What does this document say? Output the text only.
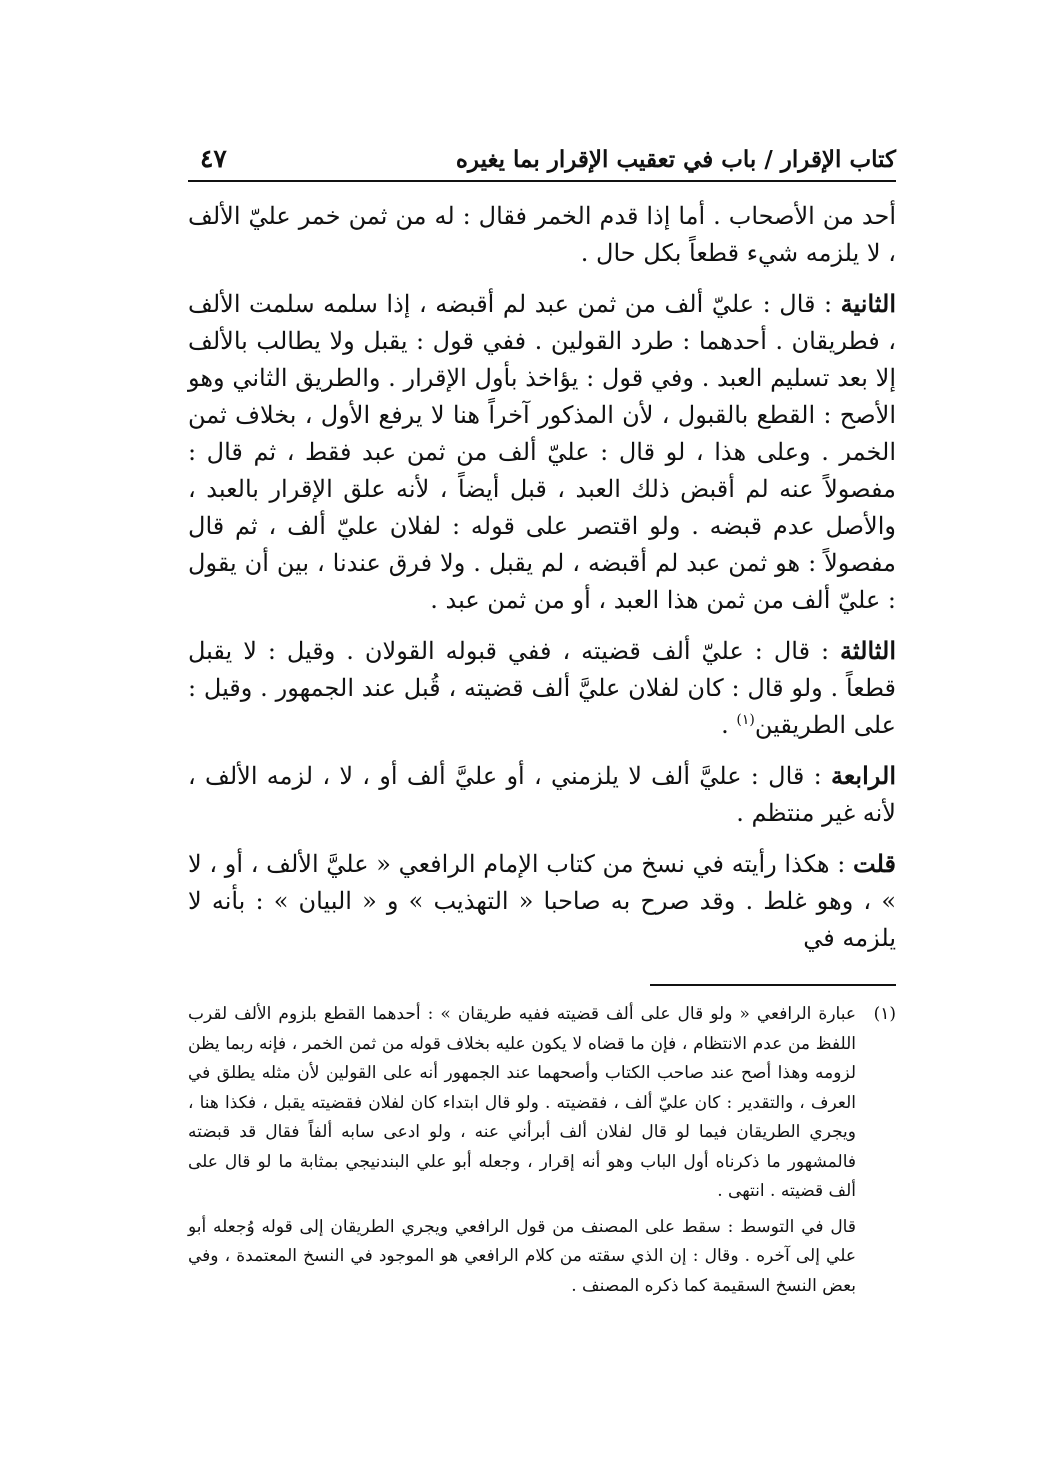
كتاب الإقرار / باب في تعقيب الإقرار بما يغيره
٤٧

أحد من الأصحاب . أما إذا قدم الخمر فقال : له من ثمن خمر عليّ الألف ، لا يلزمه شيء قطعاً بكل حال .

الثانية : قال : عليّ ألف من ثمن عبد لم أقبضه ، إذا سلمه سلمت الألف ، فطريقان . أحدهما : طرد القولين . ففي قول : يقبل ولا يطالب بالألف إلا بعد تسليم العبد . وفي قول : يؤاخذ بأول الإقرار . والطريق الثاني وهو الأصح : القطع بالقبول ، لأن المذكور آخراً هنا لا يرفع الأول ، بخلاف ثمن الخمر . وعلى هذا ، لو قال : عليّ ألف من ثمن عبد فقط ، ثم قال : مفصولاً عنه لم أقبض ذلك العبد ، قبل أيضاً ، لأنه علق الإقرار بالعبد ، والأصل عدم قبضه . ولو اقتصر على قوله : لفلان عليّ ألف ، ثم قال مفصولاً : هو ثمن عبد لم أقبضه ، لم يقبل . ولا فرق عندنا ، بين أن يقول : عليّ ألف من ثمن هذا العبد ، أو من ثمن عبد .

الثالثة : قال : عليّ ألف قضيته ، ففي قبوله القولان . وقيل : لا يقبل قطعاً . ولو قال : كان لفلان عليَّ ألف قضيته ، قُبل عند الجمهور . وقيل : على الطريقين$^{(١)}$ .

الرابعة : قال : عليَّ ألف لا يلزمني ، أو عليَّ ألف أو ، لا ، لزمه الألف ، لأنه غير منتظم .

قلت : هكذا رأيته في نسخ من كتاب الإمام الرافعي « عليَّ الألف ، أو ، لا » ، وهو غلط . وقد صرح به صاحبا « التهذيب » و « البيان » : بأنه لا يلزمه في

(١)

عبارة الرافعي « ولو قال على ألف قضيته ففيه طريقان » : أحدهما القطع بلزوم الألف لقرب اللفظ من عدم الانتظام ، فإن ما قضاه لا يكون عليه بخلاف قوله من ثمن الخمر ، فإنه ربما يظن لزومه وهذا أصح عند صاحب الكتاب وأصحهما عند الجمهور أنه على القولين لأن مثله يطلق في العرف ، والتقدير : كان عليّ ألف ، فقضيته . ولو قال ابتداء كان لفلان فقضيته يقبل ، فكذا هنا ، ويجري الطريقان فيما لو قال لفلان ألف أبرأني عنه ، ولو ادعى سابه ألفاً فقال قد قبضته فالمشهور ما ذكرناه أول الباب وهو أنه إقرار ، وجعله أبو علي البندنيجي بمثابة ما لو قال على ألف قضيته . انتهى .

قال في التوسط : سقط على المصنف من قول الرافعي ويجري الطريقان إلى قوله وُجعله أبو علي إلى آخره . وقال : إن الذي سقته من كلام الرافعي هو الموجود في النسخ المعتمدة ، وفي بعض النسخ السقيمة كما ذكره المصنف .
